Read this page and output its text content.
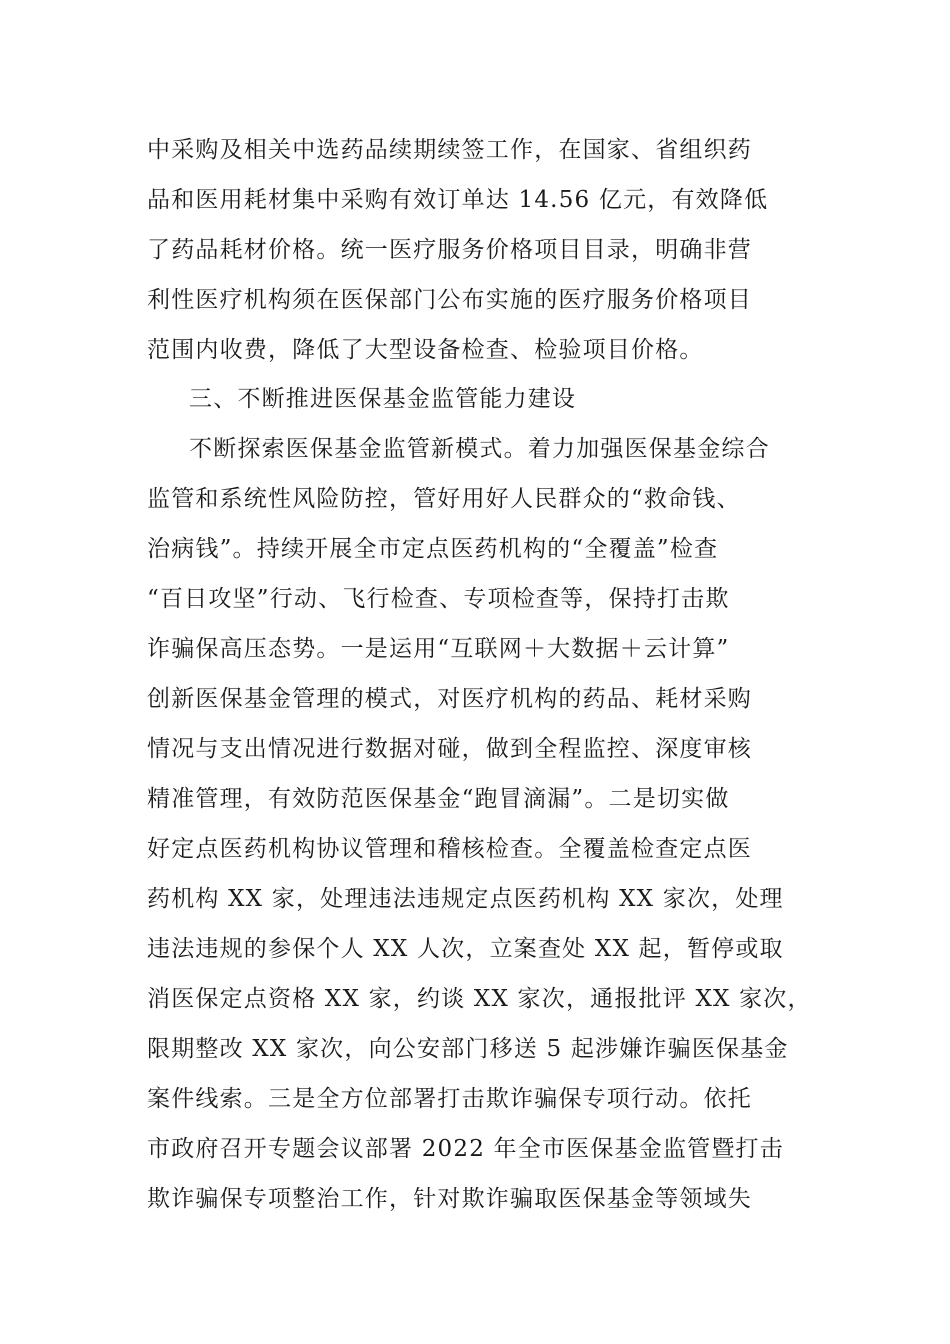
中采购及相关中选药品续期续签工作，在国家、省组织药
品和医用耗材集中采购有效订单达 14.56 亿元，有效降低
了药品耗材价格。统一医疗服务价格项目目录，明确非营
利性医疗机构须在医保部门公布实施的医疗服务价格项目
范围内收费，降低了大型设备检查、检验项目价格。
三、不断推进医保基金监管能力建设
不断探索医保基金监管新模式。着力加强医保基金综合
监管和系统性风险防控，管好用好人民群众的“救命钱、
治病钱”。持续开展全市定点医药机构的“全覆盖”检查
“百日攻坚”行动、飞行检查、专项检查等，保持打击欺
诈骗保高压态势。一是运用“互联网＋大数据＋云计算”
创新医保基金管理的模式，对医疗机构的药品、耗材采购
情况与支出情况进行数据对碰，做到全程监控、深度审核
精准管理，有效防范医保基金“跑冒滴漏”。二是切实做
好定点医药机构协议管理和稽核检查。全覆盖检查定点医
药机构 XX 家，处理违法违规定点医药机构 XX 家次，处理
违法违规的参保个人 XX 人次，立案查处 XX 起，暂停或取
消医保定点资格 XX 家，约谈 XX 家次，通报批评 XX 家次，
限期整改 XX 家次，向公安部门移送 5 起涉嫌诈骗医保基金
案件线索。三是全方位部署打击欺诈骗保专项行动。依托
市政府召开专题会议部署 2022 年全市医保基金监管暨打击
欺诈骗保专项整治工作，针对欺诈骗取医保基金等领域失
